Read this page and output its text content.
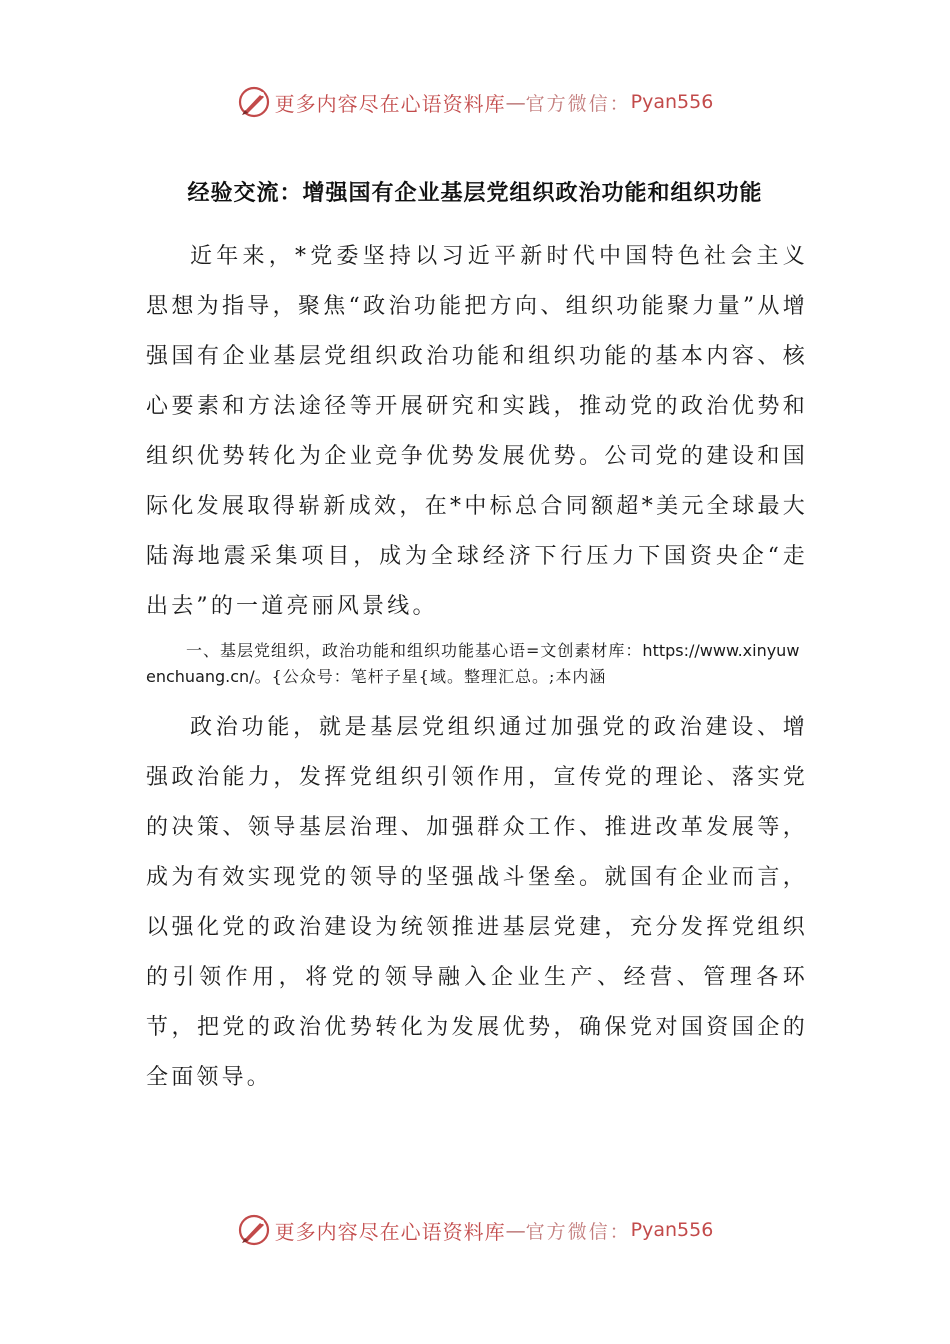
更多内容尽在心语资料库 — 官方微信： Pyan556
经验交流：增强国有企业基层党组织政治功能和组织功能

近年来，*党委坚持以习近平新时代中国特色社会主义思想为指导，聚焦“政治功能把方向、组织功能聚力量”从增强国有企业基层党组织政治功能和组织功能的基本内容、核心要素和方法途径等开展研究和实践，推动党的政治优势和组织优势转化为企业竞争优势发展优势。公司党的建设和国际化发展取得崭新成效，在*中标总合同额超*美元全球最大陆海地震采集项目，成为全球经济下行压力下国资央企“走出去”的一道亮丽风景线。

一、基层党组织，政治功能和组织功能基心语=文创素材库：https://www.xinyuwenchuang.cn/。{公众号：笔杆子星{域。整理汇总。;本内涵

政治功能，就是基层党组织通过加强党的政治建设、增强政治能力，发挥党组织引领作用，宣传党的理论、落实党的决策、领导基层治理、加强群众工作、推进改革发展等，成为有效实现党的领导的坚强战斗堡垒。就国有企业而言，以强化党的政治建设为统领推进基层党建，充分发挥党组织的引领作用，将党的领导融入企业生产、经营、管理各环节，把党的政治优势转化为发展优势，确保党对国资国企的全面领导。

更多内容尽在心语资料库 — 官方微信： Pyan556
